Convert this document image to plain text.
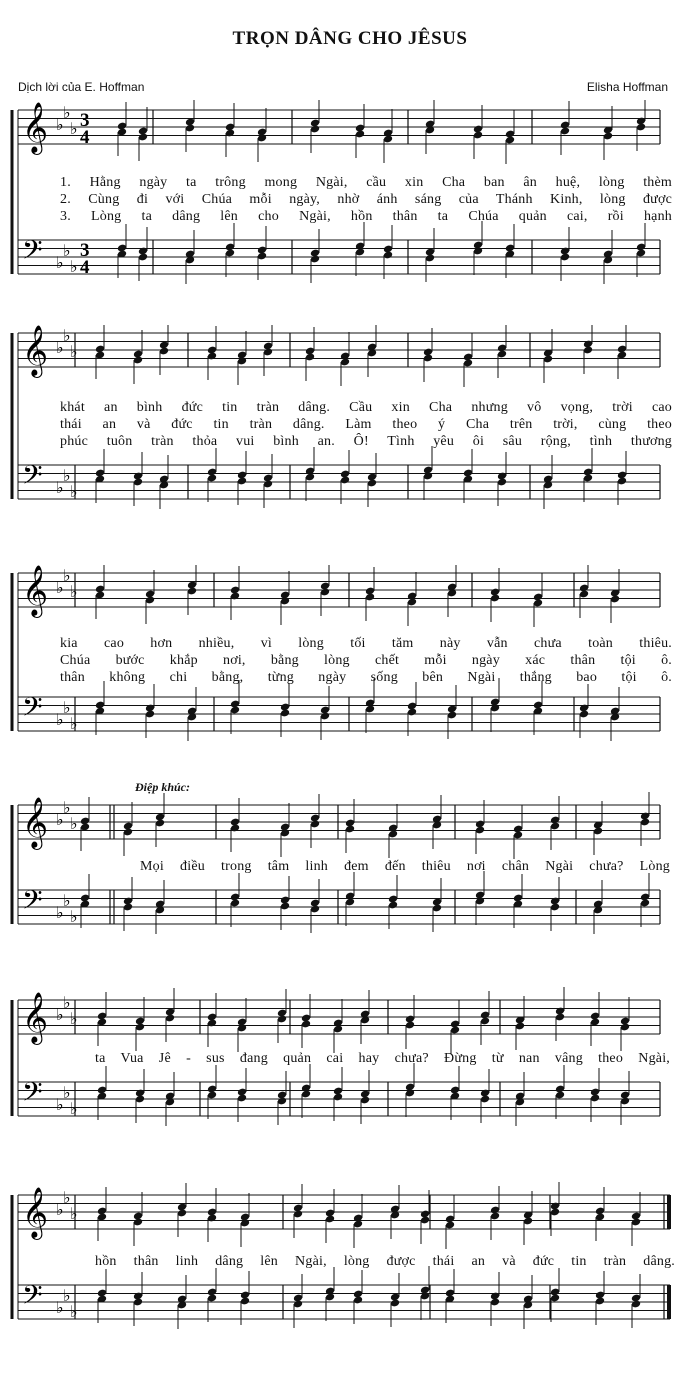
TRỌN DÂNG CHO JÊSUS
Dịch lời của E. Hoffman	Elisha Hoffman
𝄞
𝄢
♭
♭
♭
♭
♭
♭
3
4
3
4
1. Hằng ngày ta trông mong Ngài, cầu xin Cha ban ân huệ, lòng thèm
2. Cùng đi với Chúa mỗi ngày, nhờ ánh sáng của Thánh Kinh, lòng được
3. Lòng ta dâng lên cho Ngài, hồn thân ta Chúa quản cai, rồi hạnh
𝄞
𝄢
♭
♭
♭
♭
♭
♭
khát an bình đức tin tràn dâng. Cầu xin Cha nhưng vô vọng, trời cao
thái an và đức tin tràn dâng. Làm theo ý Cha trên trời, cùng theo
phúc tuôn tràn thỏa vui bình an. Ô! Tình yêu ôi sâu rộng, tình thương
𝄞
𝄢
♭
♭
♭
♭
♭
♭
kia cao hơn nhiều, vì lòng tối tăm này vẫn chưa toàn thiêu.
Chúa bước khắp nơi, bằng lòng chết mỗi ngày xác thân tội ô.
thân không chi bằng, từng ngày sống bên Ngài thắng bao tội ô.
Điệp khúc:
𝄞
𝄢
♭
♭
♭
♭
♭
♭
Mọi điều trong tâm linh đem đến thiêu nơi chân Ngài chưa? Lòng
𝄞
𝄢
♭
♭
♭
♭
♭
♭
ta Vua Jê - sus đang quản cai hay chưa? Đừng từ nan vâng theo Ngài,
𝄞
𝄢
♭
♭
♭
♭
♭
♭
hồn thân linh dâng lên Ngài, lòng được thái an và đức tin tràn dâng.
